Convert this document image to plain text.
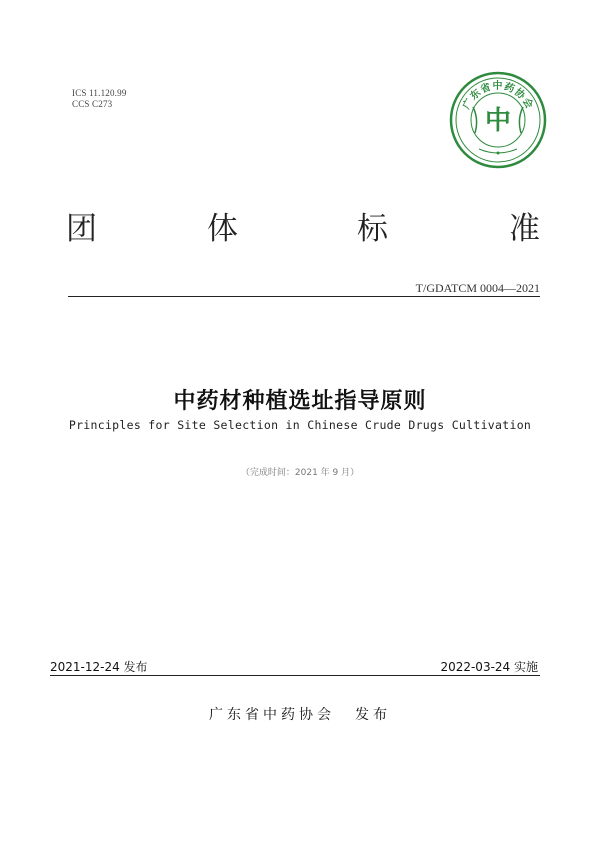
ICS 11.120.99
CCS C273	广东省中药协会
中
团	体	标	准
T/GDATCM 0004—2021
中药材种植选址指导原则
Principles for Site Selection in Chinese Crude Drugs Cultivation
（完成时间：2021 年 9 月）
2021-12-24 发布	2022-03-24 实施
广东省中药协会 发布
